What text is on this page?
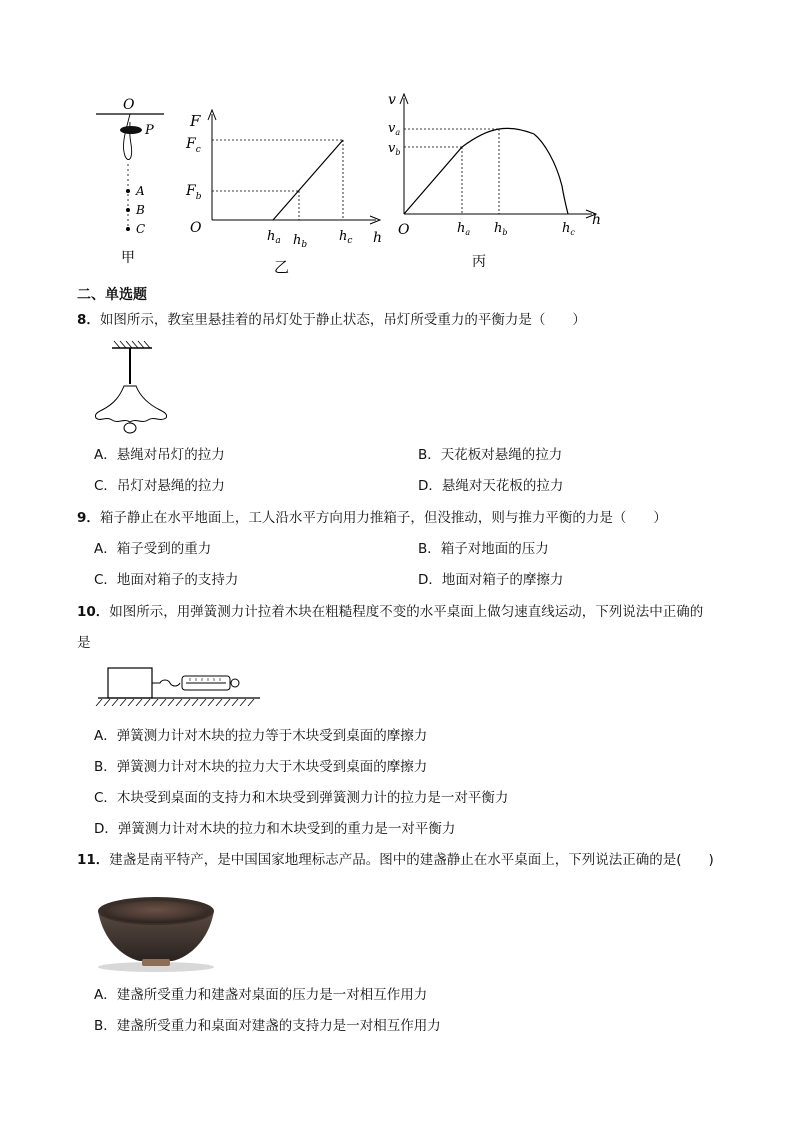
O
P
A
B
C
甲
F
$F_c$
$F_b$
O
$h_a$ $h_b$
$h_c$ h
乙
v
$v_a$
$v_b$
O	$h_a$ $h_b$	$h_c$
h
丙
二、单选题
8．如图所示，教室里悬挂着的吊灯处于静止状态，吊灯所受重力的平衡力是（　　）
A．悬绳对吊灯的拉力	B．天花板对悬绳的拉力
C．吊灯对悬绳的拉力	D．悬绳对天花板的拉力
9．箱子静止在水平地面上，工人沿水平方向用力推箱子，但没推动，则与推力平衡的力是（　　）
A．箱子受到的重力	B．箱子对地面的压力
C．地面对箱子的支持力	D．地面对箱子的摩擦力
10．如图所示，用弹簧测力计拉着木块在粗糙程度不变的水平桌面上做匀速直线运动，下列说法中正确的
是
A．弹簧测力计对木块的拉力等于木块受到桌面的摩擦力
B．弹簧测力计对木块的拉力大于木块受到桌面的摩擦力
C．木块受到桌面的支持力和木块受到弹簧测力计的拉力是一对平衡力
D．弹簧测力计对木块的拉力和木块受到的重力是一对平衡力
11．建盏是南平特产，是中国国家地理标志产品。图中的建盏静止在水平桌面上，下列说法正确的是(　　)
A．建盏所受重力和建盏对桌面的压力是一对相互作用力
B．建盏所受重力和桌面对建盏的支持力是一对相互作用力
